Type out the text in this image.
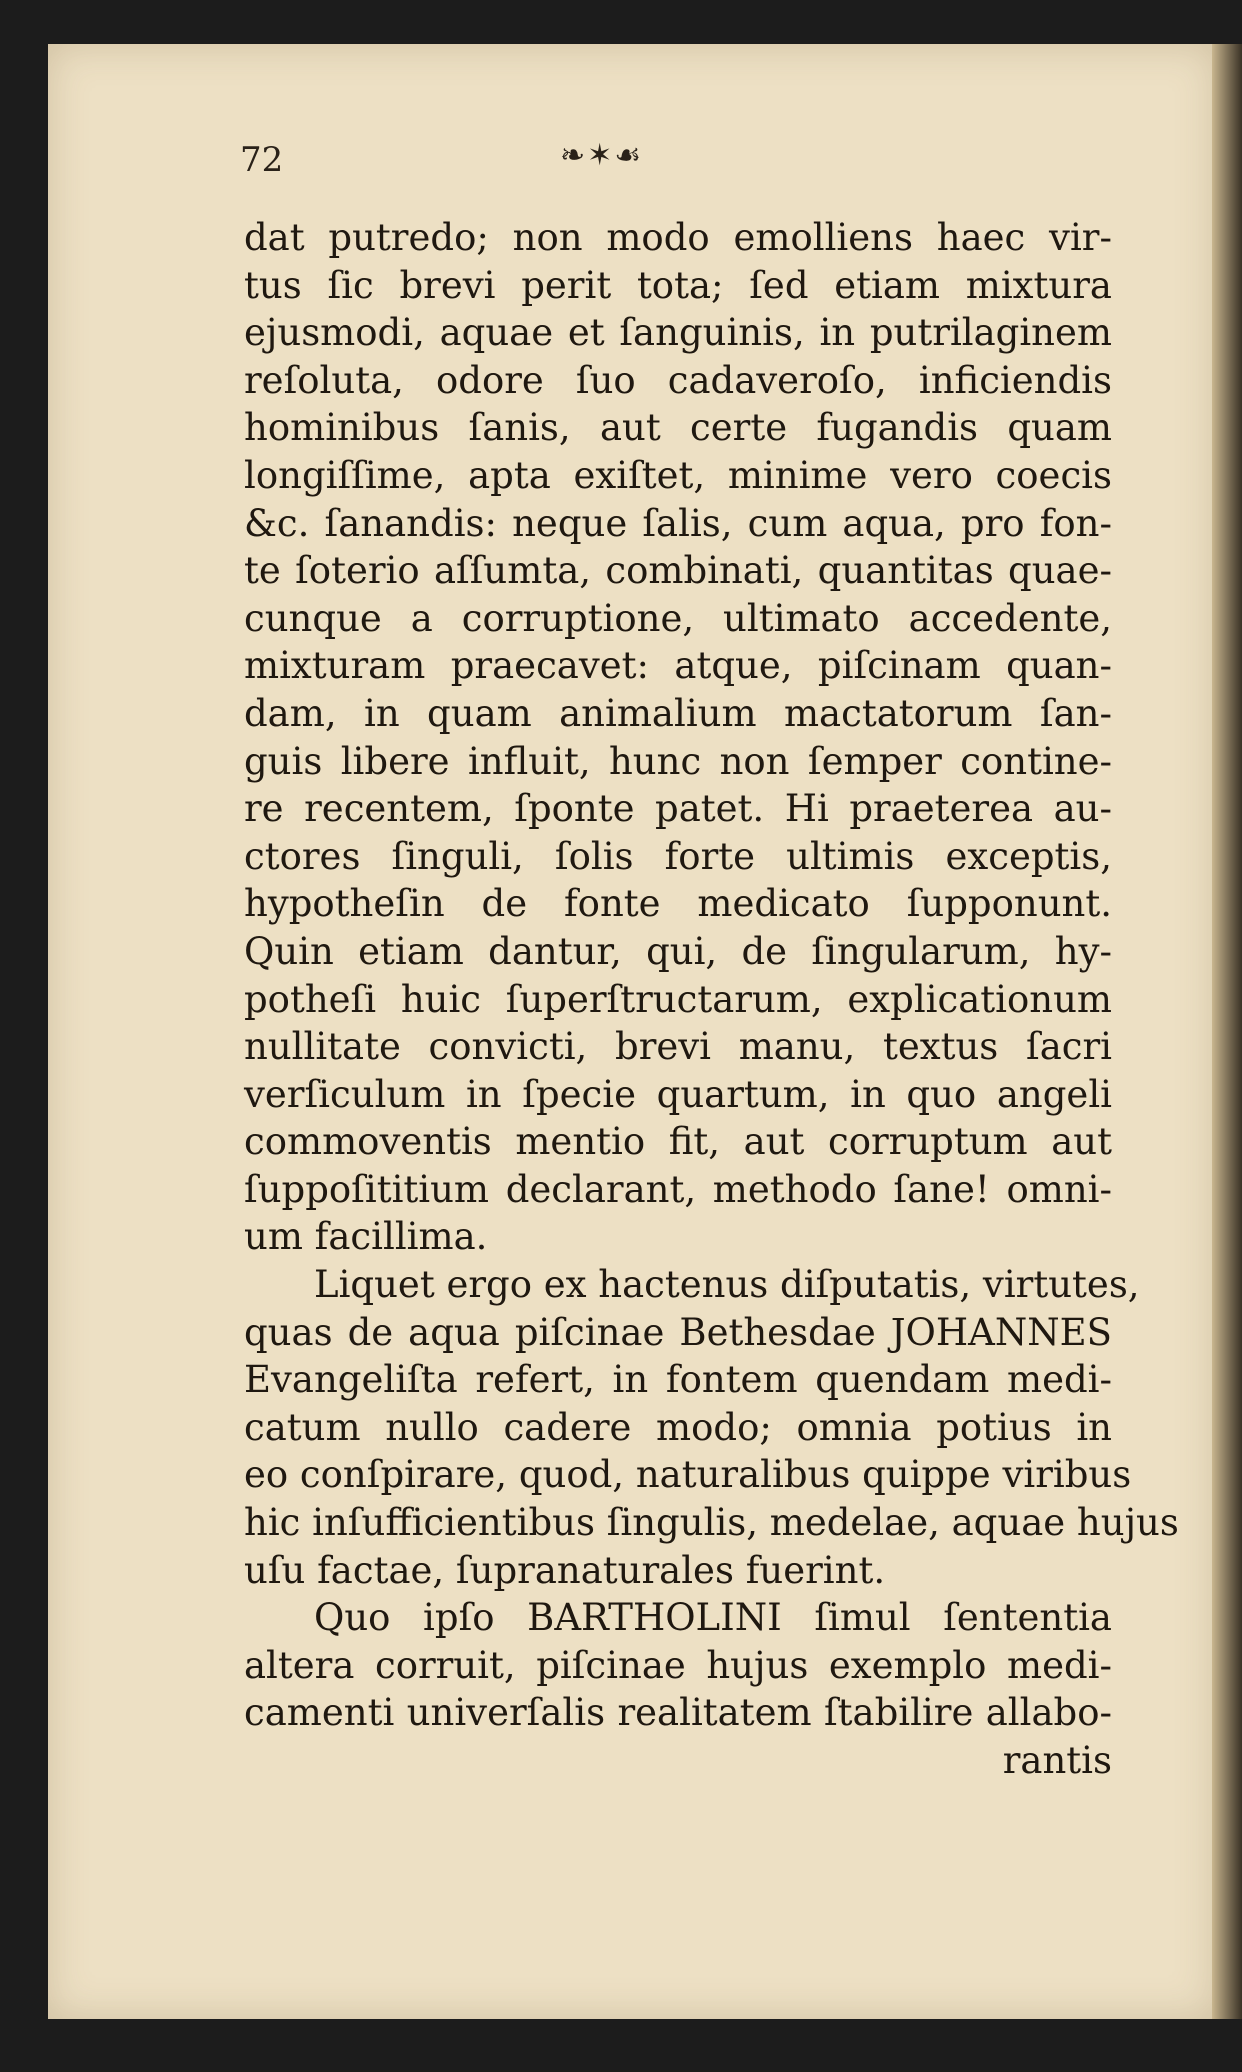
72	❧✶☙
dat putredo; non modo emolliens haec vir-
tus ſic brevi perit tota; ſed etiam mixtura
ejusmodi, aquae et ſanguinis, in putrilaginem
reſoluta, odore ſuo cadaveroſo, inficiendis
hominibus ſanis, aut certe fugandis quam
longiſſime, apta exiſtet, minime vero coecis
&c. ſanandis: neque ſalis, cum aqua, pro fon-
te ſoterio aſſumta, combinati, quantitas quae-
cunque a corruptione, ultimato accedente,
mixturam praecavet: atque, piſcinam quan-
dam, in quam animalium mactatorum ſan-
guis libere influit, hunc non ſemper contine-
re recentem, ſponte patet. Hi praeterea au-
ctores ſinguli, ſolis forte ultimis exceptis,
hypotheſin de fonte medicato ſupponunt.
Quin etiam dantur, qui, de ſingularum, hy-
potheſi huic ſuperſtructarum, explicationum
nullitate convicti, brevi manu, textus ſacri
verſiculum in ſpecie quartum, in quo angeli
commoventis mentio fit, aut corruptum aut
ſuppoſititium declarant, methodo ſane! omni-
um facillima.
Liquet ergo ex hactenus diſputatis, virtutes,
quas de aqua piſcinae Bethesdae JOHANNES
Evangeliſta refert, in fontem quendam medi-
catum nullo cadere modo; omnia potius in
eo conſpirare, quod, naturalibus quippe viribus
hic inſufficientibus ſingulis, medelae, aquae hujus
uſu factae, ſupranaturales fuerint.
Quo ipſo BARTHOLINI ſimul ſententia
altera corruit, piſcinae hujus exemplo medi-
camenti univerſalis realitatem ſtabilire allabo-
rantis
